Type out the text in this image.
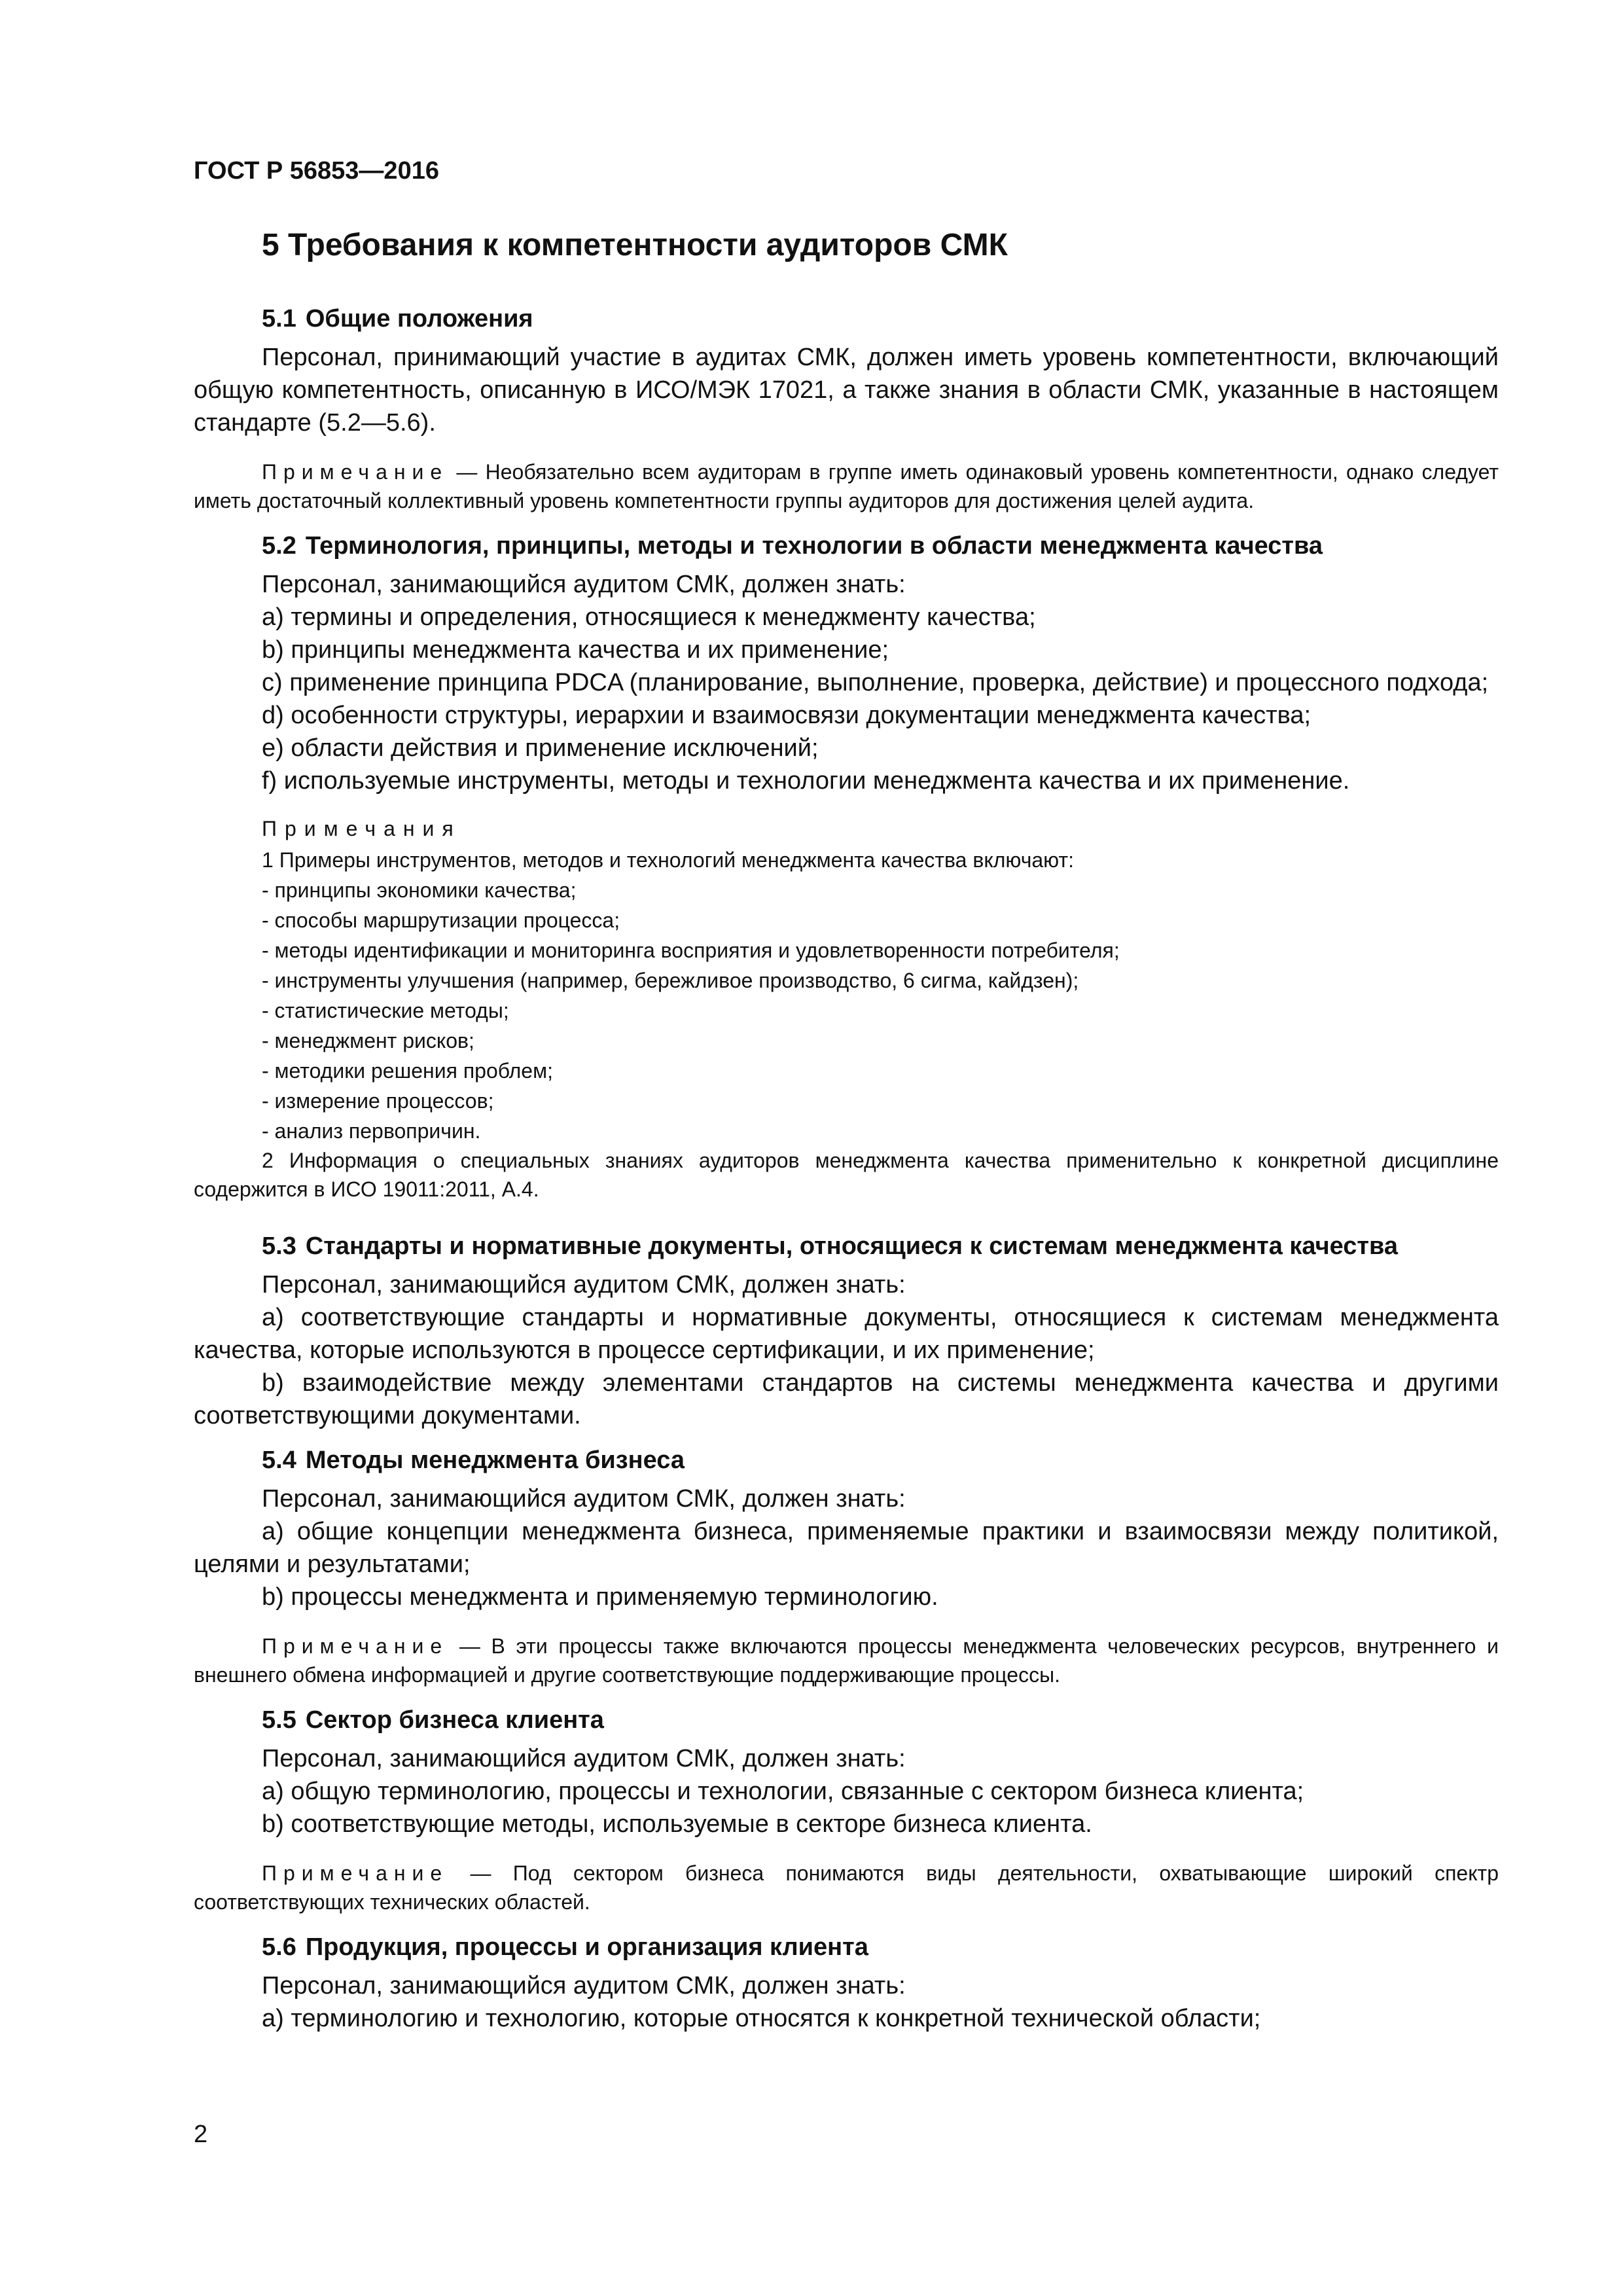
ГОСТ Р 56853—2016
5 Требования к компетентности аудиторов СМК
5.1 Общие положения

Персонал, принимающий участие в аудитах СМК, должен иметь уровень компетентности, включающий общую компетентность, описанную в ИСО/МЭК 17021, а также знания в области СМК, указанные в настоящем стандарте (5.2—5.6).

Примечание — Необязательно всем аудиторам в группе иметь одинаковый уровень компетентности, однако следует иметь достаточный коллективный уровень компетентности группы аудиторов для достижения целей аудита.
5.2 Терминология, принципы, методы и технологии в области менеджмента качества

Персонал, занимающийся аудитом СМК, должен знать:

a) термины и определения, относящиеся к менеджменту качества;

b) принципы менеджмента качества и их применение;

c) применение принципа PDCA (планирование, выполнение, проверка, действие) и процессного подхода;

d) особенности структуры, иерархии и взаимосвязи документации менеджмента качества;

e) области действия и применение исключений;

f) используемые инструменты, методы и технологии менеджмента качества и их применение.

Примечания
1 Примеры инструментов, методов и технологий менеджмента качества включают:
- принципы экономики качества;
- способы маршрутизации процесса;
- методы идентификации и мониторинга восприятия и удовлетворенности потребителя;
- инструменты улучшения (например, бережливое производство, 6 сигма, кайдзен);
- статистические методы;
- менеджмент рисков;
- методики решения проблем;
- измерение процессов;
- анализ первопричин.

2 Информация о специальных знаниях аудиторов менеджмента качества применительно к конкретной дисциплине содержится в ИСО 19011:2011, А.4.

5.3 Стандарты и нормативные документы, относящиеся к системам менеджмента качества

Персонал, занимающийся аудитом СМК, должен знать:

a) соответствующие стандарты и нормативные документы, относящиеся к системам менеджмента качества, которые используются в процессе сертификации, и их применение;

b) взаимодействие между элементами стандартов на системы менеджмента качества и другими соответствующими документами.

5.4 Методы менеджмента бизнеса

Персонал, занимающийся аудитом СМК, должен знать:

a) общие концепции менеджмента бизнеса, применяемые практики и взаимосвязи между политикой, целями и результатами;

b) процессы менеджмента и применяемую терминологию.

Примечание — В эти процессы также включаются процессы менеджмента человеческих ресурсов, внутреннего и внешнего обмена информацией и другие соответствующие поддерживающие процессы.
5.5 Сектор бизнеса клиента

Персонал, занимающийся аудитом СМК, должен знать:

a) общую терминологию, процессы и технологии, связанные с сектором бизнеса клиента;

b) соответствующие методы, используемые в секторе бизнеса клиента.

Примечание — Под сектором бизнеса понимаются виды деятельности, охватывающие широкий спектр соответствующих технических областей.
5.6 Продукция, процессы и организация клиента

Персонал, занимающийся аудитом СМК, должен знать:

a) терминологию и технологию, которые относятся к конкретной технической области;

2
